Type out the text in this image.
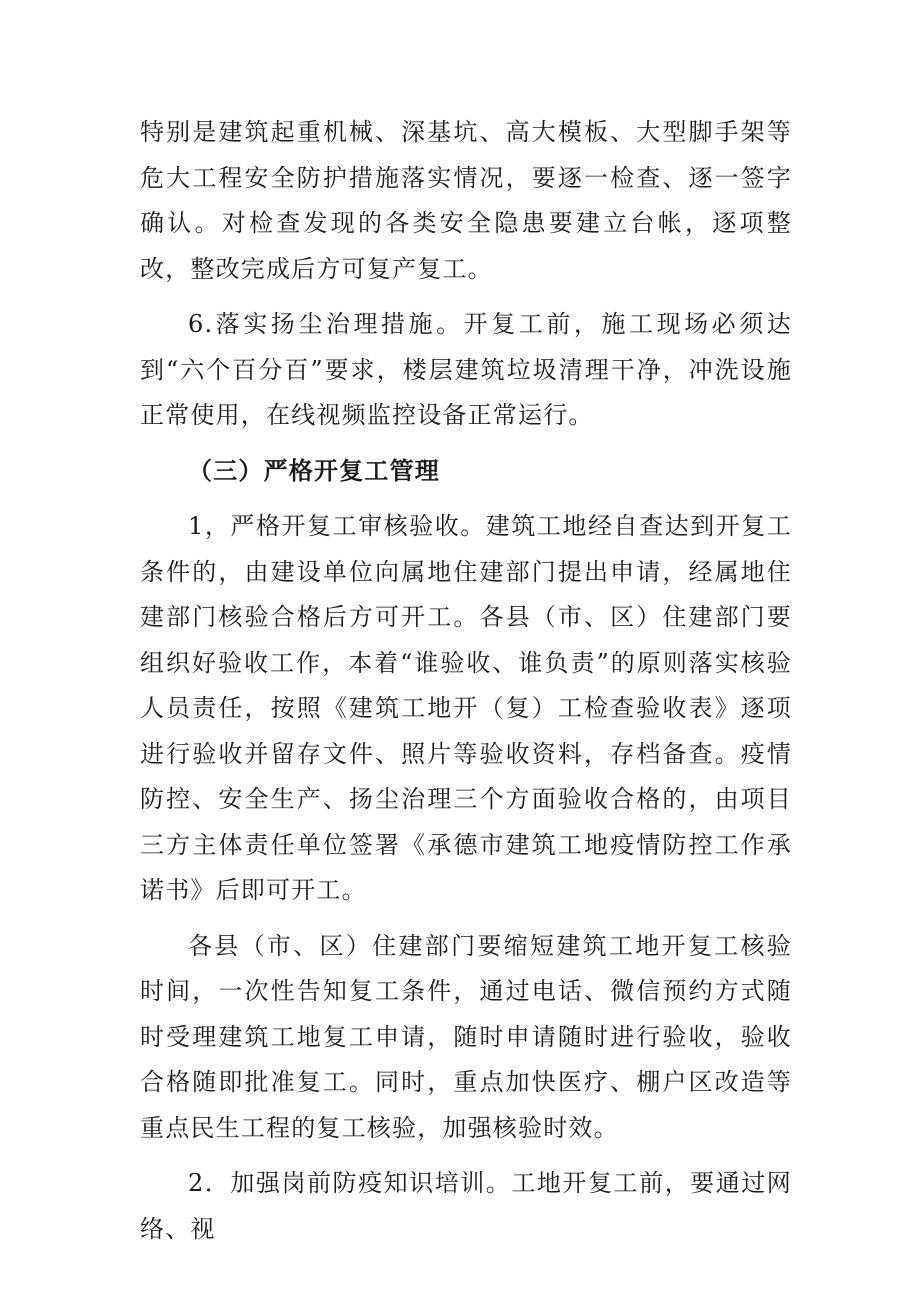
特别是建筑起重机械、深基坑、高大模板、大型脚手架等危大工程安全防护措施落实情况，要逐一检查、逐一签字确认。对检查发现的各类安全隐患要建立台帐，逐项整改，整改完成后方可复产复工。

6.落实扬尘治理措施。开复工前，施工现场必须达到“六个百分百”要求，楼层建筑垃圾清理干净，冲洗设施正常使用，在线视频监控设备正常运行。

（三）严格开复工管理

1，严格开复工审核验收。建筑工地经自查达到开复工条件的，由建设单位向属地住建部门提出申请，经属地住建部门核验合格后方可开工。各县（市、区）住建部门要组织好验收工作，本着“谁验收、谁负责”的原则落实核验人员责任，按照《建筑工地开（复）工检查验收表》逐项进行验收并留存文件、照片等验收资料，存档备查。疫情防控、安全生产、扬尘治理三个方面验收合格的，由项目三方主体责任单位签署《承德市建筑工地疫情防控工作承诺书》后即可开工。

各县（市、区）住建部门要缩短建筑工地开复工核验时间，一次性告知复工条件，通过电话、微信预约方式随时受理建筑工地复工申请，随时申请随时进行验收，验收合格随即批准复工。同时，重点加快医疗、棚户区改造等重点民生工程的复工核验，加强核验时效。

2．加强岗前防疫知识培训。工地开复工前，要通过网络、视
